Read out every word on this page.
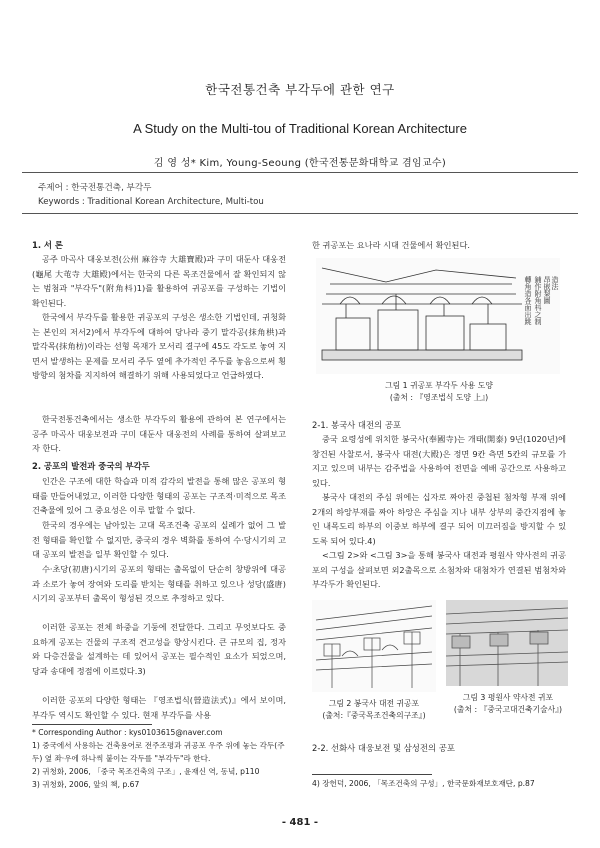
한국전통건축 부각두에 관한 연구
A Study on the Multi-tou of Traditional Korean Architecture
김 영 성* Kim, Young-Seoung (한국전통문화대학교 겸임교수)
주제어 : 한국전통건축, 부각두
Keywords : Traditional Korean Architecture, Multi-tou
1. 서 론
공주 마곡사 대웅보전(公州 麻谷寺 大雄寶殿)과 구미 대둔사 대웅전(龜尾 大芚寺 大雄殿)에서는 한국의 다른 목조건물에서 잘 확인되지 않는 범첨과 "부각두"(附角枓)1)를 활용하여 귀공포를 구성하는 기법이 확인된다.
한국에서 부각두를 활용한 귀공포의 구성은 생소한 기법인데, 귀청화는 본인의 저서2)에서 부각두에 대하여 당나라 중기 말각공(抹角栱)과 말각목(抹角枋)이라는 선형 목재가 모서리 결구에 45도 각도로 놓여 지면서 발생하는 문제를 모서리 주두 옆에 추가적인 주두를 놓음으로써 횡방향의 첨차를 지지하여 해결하기 위해 사용되었다고 언급하였다.
한국전통건축에서는 생소한 부각두의 활용에 관하여 본 연구에서는 공주 마곡사 대웅보전과 구미 대둔사 대웅전의 사례를 통하여 살펴보고자 한다.
2. 공포의 발전과 중국의 부각두
인간은 구조에 대한 학습과 미적 감각의 발전을 통해 많은 공포의 형태를 만들어내었고, 이러한 다양한 형태의 공포는 구조적·미적으로 목조건축물에 있어 그 중요성은 이루 말할 수 없다.
한국의 경우에는 남아있는 고대 목조건축 공포의 실례가 없어 그 발전 형태를 확인할 수 없지만, 중국의 경우 벽화를 통하여 수·당시기의 고대 공포의 발전을 일부 확인할 수 있다.
수·초당(初唐)시기의 공포의 형태는 출목없이 단순히 창방위에 대공과 소로가 놓여 장여와 도리를 받치는 형태를 취하고 있으나 성당(盛唐)시기의 공포부터 출목이 형성된 것으로 추정하고 있다.
이러한 공포는 전체 하중을 기둥에 전달한다. 그리고 무엇보다도 중요하게 공포는 건물의 구조적 견고성을 향상시킨다. 큰 규모의 집, 정자와 다층건물을 설계하는 데 있어서 공포는 필수적인 요소가 되었으며, 당과 송대에 정점에 이르렀다.3)
이러한 공포의 다양한 형태는 『영조법식(營造法式)』에서 보이며, 부각두 역시도 확인할 수 있다. 현재 부각두를 사용
* Corresponding Author : kys0103615@naver.com
1) 중국에서 사용하는 건축용어로 전주조평과 귀공포 우주 위에 놓는 각두(주두) 옆 좌·우에 하나씩 붙이는 각두를 "부각두"라 한다.
2) 귀청화, 2006, 「중국 목조건축의 구조」, 윤재신 역, 동녘, p110
3) 귀청화, 2006, 앞의 책, p.67
한 귀공포는 요나라 시대 건물에서 확인된다.
轉角造各面出跳 鋪作附角枓之制 昂嵌栔圖 造法
그림 1 귀공포 부각두 사용 도양
(출처 : 『영조법식 도양 上』)
2-1. 봉국사 대전의 공포
중국 요령성에 위치한 봉국사(奉國寺)는 개태(開泰) 9년(1020년)에 창건된 사찰로서, 봉국사 대전(大殿)은 정면 9칸 측면 5칸의 규모를 가지고 있으며 내부는 감주법을 사용하여 전면을 예배 공간으로 사용하고 있다.
봉국사 대전의 주심 위에는 십자로 짜아진 중첩된 첨차형 부재 위에 2개의 하앙부재를 짜아 하앙은 주심을 지나 내부 상부의 중간지점에 놓인 내목도리 하부의 이중보 하부에 결구 되어 미끄러짐을 방지할 수 있도록 되어 있다.4)
<그림 2>와 <그림 3>을 통해 봉국사 대전과 평원사 약사전의 귀공포의 구성을 살펴보면 외2출목으로 소첨차와 대첨차가 연결된 범첨차와 부각두가 확인된다.
그림 2 봉국사 대전 귀공포
(출처:『중국목조건축의구조』)
그림 3 평원사 약사전 귀포
(출처 : 『중국고대건축기술사』)
2-2. 선화사 대웅보전 및 삼성전의 공포
4) 장헌덕, 2006, 「목조건축의 구성」, 한국문화재보호재단, p.87
- 481 -
